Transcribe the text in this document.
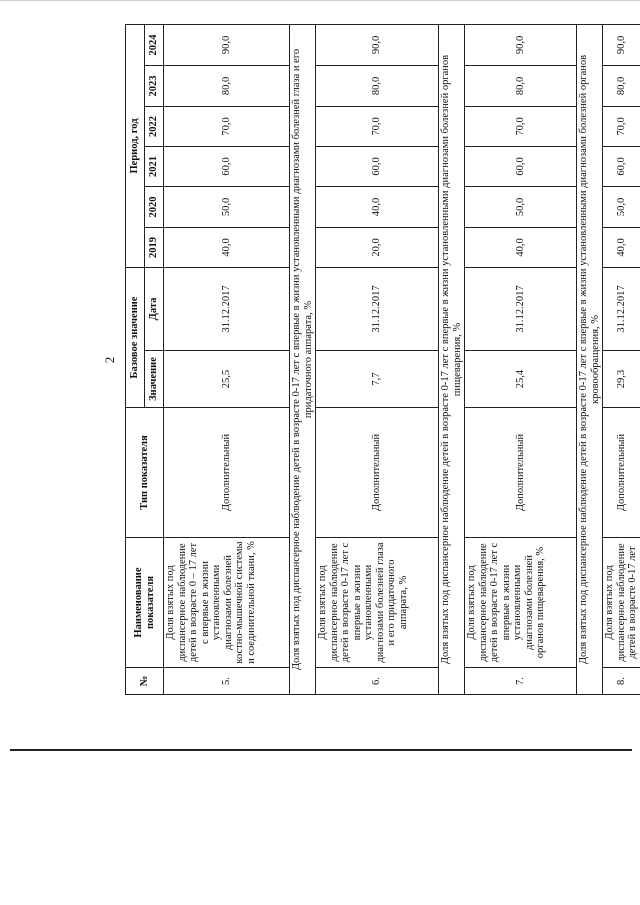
2
№	Наименование показателя	Тип показателя	Базовое значение		Период, год					
			Значение	Дата	2019	2020	2021	2022	2023	2024
5.	Доля взятых под диспансерное наблюдение детей в возрасте 0 – 17 лет с впервые в жизни установленными диагнозами болезней костно-мышечной системы и соединительной ткани, %	Дополнительный	25,5	31.12.2017	40,0	50,0	60,0	70,0	80,0	90,0
Доля взятых под диспансерное наблюдение детей в возрасте 0-17 лет с впервые в жизни установленными диагнозами болезней глаза и его придаточного аппарата, %										
6.	Доля взятых под диспансерное наблюдение детей в возрасте 0-17 лет с впервые в жизни установленными диагнозами болезней глаза и его придаточного аппарата, %	Дополнительный	7,7	31.12.2017	20,0	40,0	60,0	70,0	80,0	90,0
Доля взятых под диспансерное наблюдение детей в возрасте 0-17 лет с впервые в жизни установленными диагнозами болезней органов пищеварения, %										
7.	Доля взятых под диспансерное наблюдение детей в возрасте 0-17 лет с впервые в жизни установленными диагнозами болезней органов пищеварения, %	Дополнительный	25,4	31.12.2017	40,0	50,0	60,0	70,0	80,0	90,0
Доля взятых под диспансерное наблюдение детей в возрасте 0-17 лет с впервые в жизни установленными диагнозами болезней органов кровообращения, %										
8.	Доля взятых под диспансерное наблюдение детей в возрасте 0-17 лет	Дополнительный	29,3	31.12.2017	40,0	50,0	60,0	70,0	80,0	90,0
